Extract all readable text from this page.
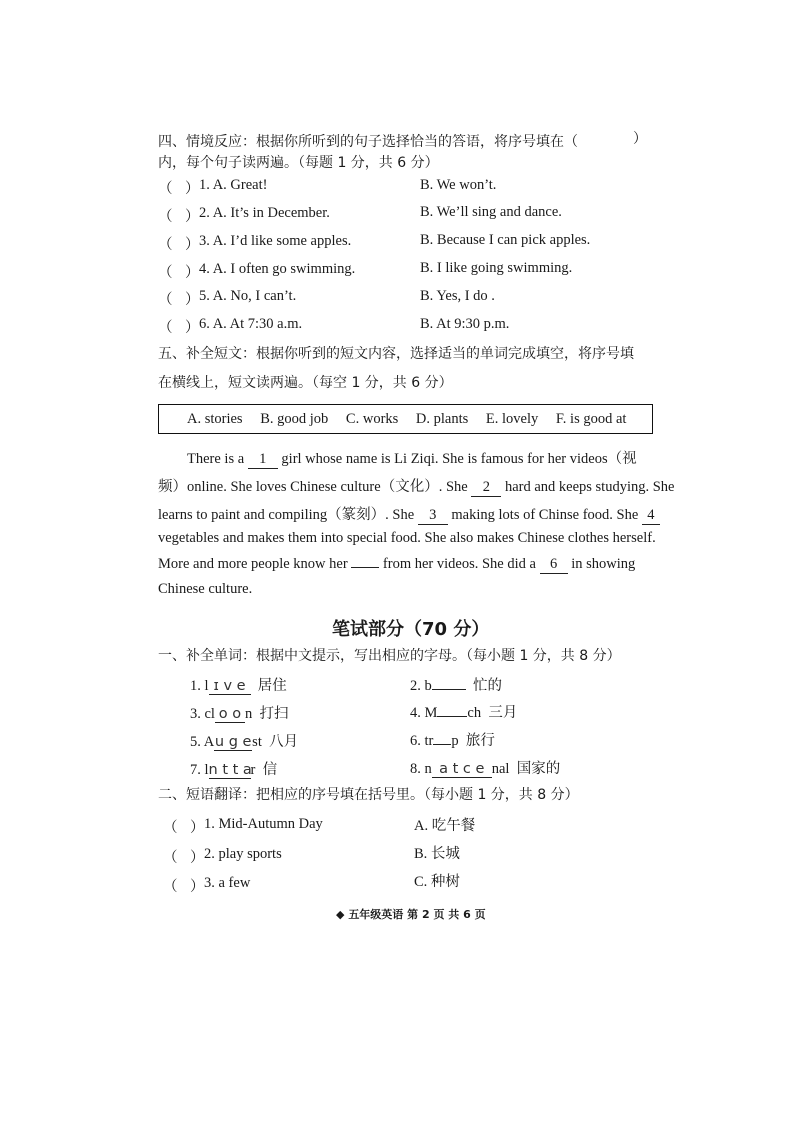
四、情境反应：根据你所听到的句子选择恰当的答语，将序号填在（	）
内，每个句子读两遍。（每题 1 分，共 6 分）
（ ） 1. A. Great!	B. We won’t.
（ ） 2. A. It’s in December.	B. We’ll sing and dance.
（ ） 3. A. I’d like some apples.	B. Because I can pick apples.
（ ） 4. A. I often go swimming.	B. I like going swimming.
（ ） 5. A. No, I can’t.	B. Yes, I do .
（ ） 6. A. At 7:30 a.m.	B. At 9:30 p.m.
五、补全短文：根据你听到的短文内容，选择适当的单词完成填空，将序号填
在横线上，短文读两遍。（每空 1 分，共 6 分）
A. stories B. good job C. works D. plants E. lovely F. is good at
There is a 1 girl whose name is Li Ziqi. She is famous for her videos（视
频）online. She loves Chinese culture（文化）. She 2 hard and keeps studying. She
learns to paint and compiling（篆刻）. She 3 making lots of Chinse food. She 4
vegetables and makes them into special food. She also makes Chinese clothes herself.
More and more people know her  from her videos. She did a 6 in showing
Chinese culture.
笔试部分（70 分）
一、补全单词：根据中文提示，写出相应的字母。（每小题 1 分，共 8 分）
1. l ɪ v e 居住	2. b	忙的
3. cl o o n 打扫	4. M ch 三月
5. Au g est 八月	6. tr p 旅行
7. ln t t ar 信	8. n a t c e nal 国家的
二、短语翻译：把相应的序号填在括号里。（每小题 1 分，共 8 分）
（ ） 1. Mid-Autumn Day	A. 吃午餐
（ ） 2. play sports	B. 长城
（ ） 3. a few	C. 种树
◆ 五年级英语 第 2 页 共 6 页
